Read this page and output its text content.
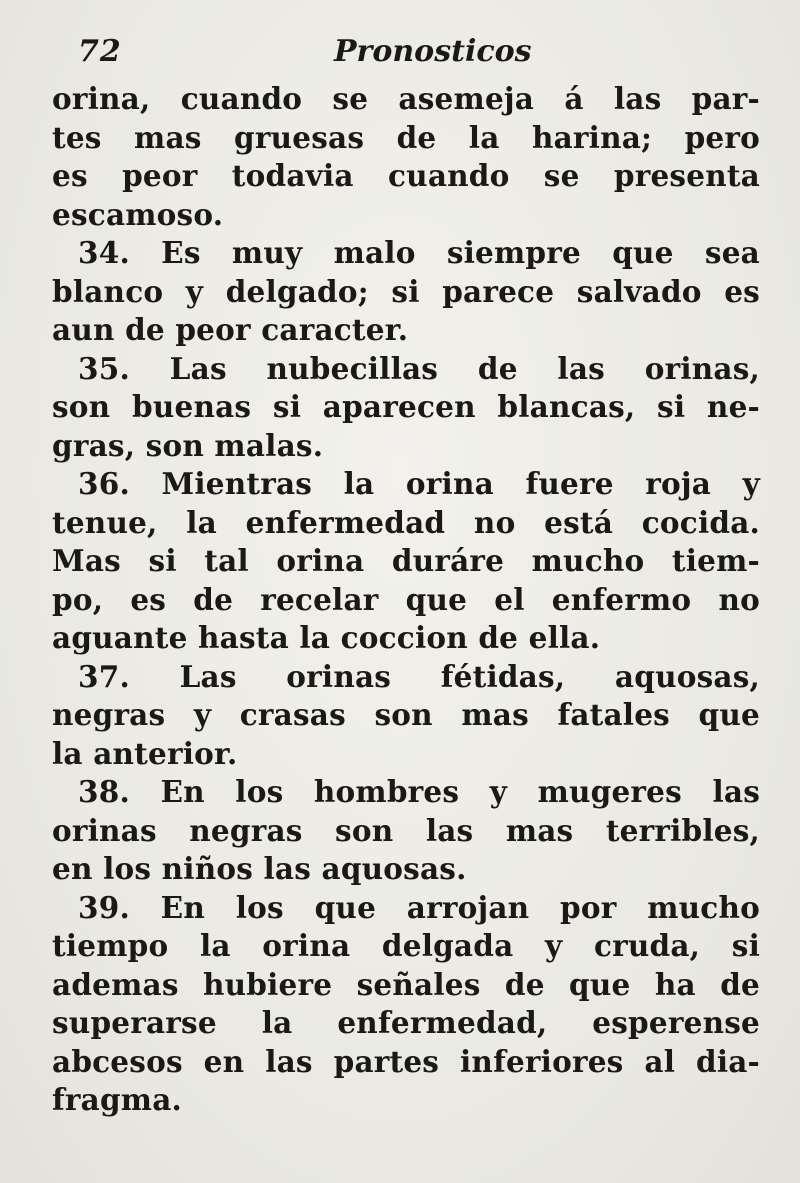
72	Pronosticos
orina, cuando se asemeja á las par-
tes mas gruesas de la harina; pero
es peor todavia cuando se presenta
escamoso.
34. Es muy malo siempre que sea
blanco y delgado; si parece salvado es
aun de peor caracter.
35. Las nubecillas de las orinas,
son buenas si aparecen blancas, si ne-
gras, son malas.
36. Mientras la orina fuere roja y
tenue, la enfermedad no está cocida.
Mas si tal orina duráre mucho tiem-
po, es de recelar que el enfermo no
aguante hasta la coccion de ella.
37. Las orinas fétidas, aquosas,
negras y crasas son mas fatales que
la anterior.
38. En los hombres y mugeres las
orinas negras son las mas terribles,
en los niños las aquosas.
39. En los que arrojan por mucho
tiempo la orina delgada y cruda, si
ademas hubiere señales de que ha de
superarse la enfermedad, esperense
abcesos en las partes inferiores al dia-
fragma.
